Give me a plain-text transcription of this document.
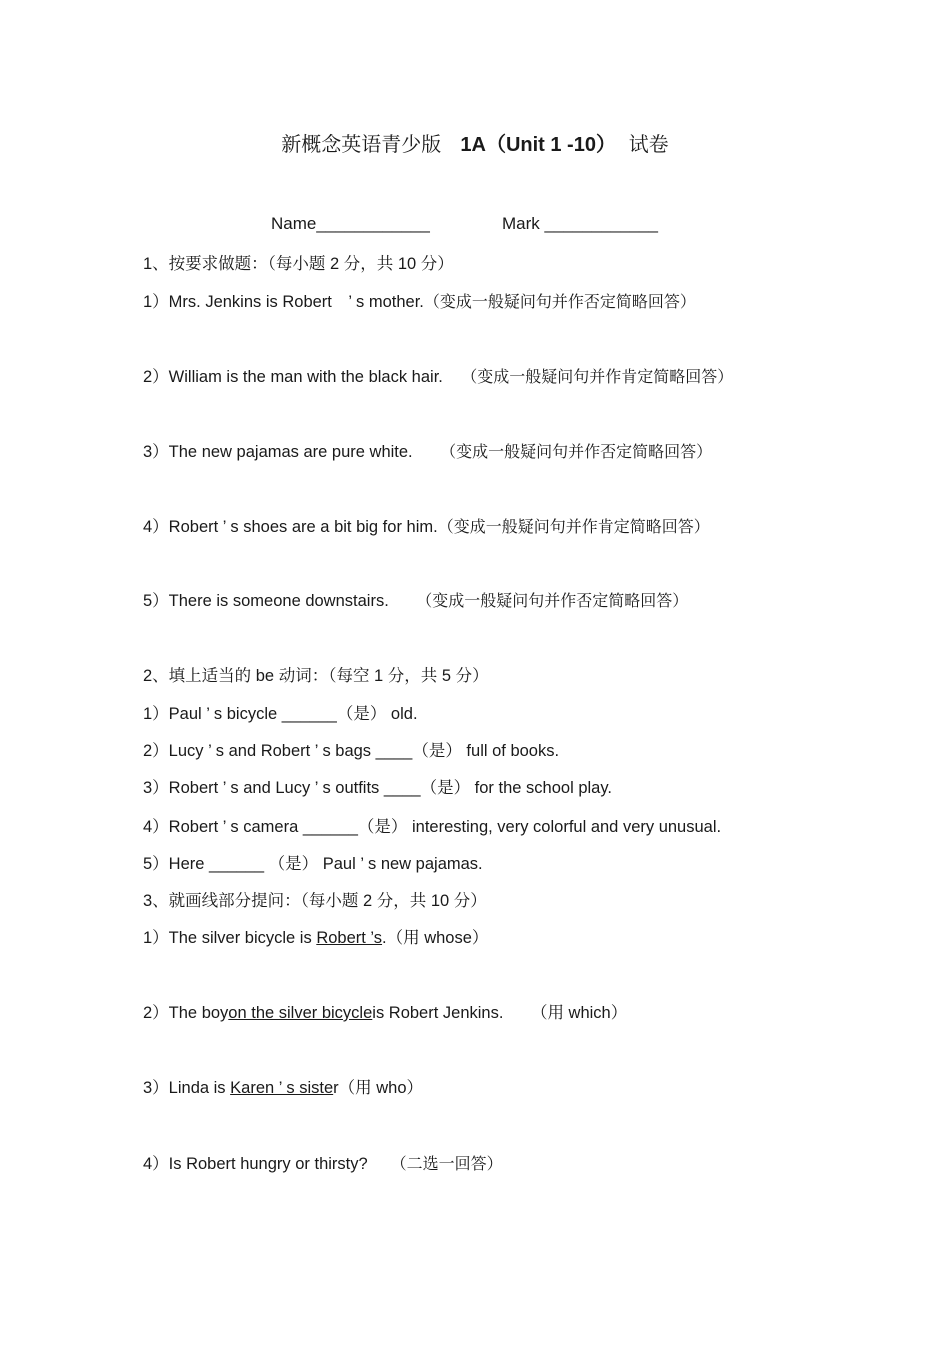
新概念英语青少版 1A（Unit 1 -10） 试卷
Name____________	Mark ____________
1、按要求做题：（每小题 2 分，共 10 分）
1）Mrs. Jenkins is Robert　’ s mother.（变成一般疑问句并作否定简略回答）
2）William is the man with the black hair. （变成一般疑问句并作肯定简略回答）
3）The new pajamas are pure white. （变成一般疑问句并作否定简略回答）
4）Robert ’ s shoes are a bit big for him.（变成一般疑问句并作肯定简略回答）
5）There is someone downstairs. （变成一般疑问句并作否定简略回答）
2、填上适当的 be 动词：（每空 1 分，共 5 分）
1）Paul ’ s bicycle ______（是） old.
2）Lucy ’ s and Robert ’ s bags ____（是） full of books.
3）Robert ’ s and Lucy ’ s outfits ____（是） for the school play.
4）Robert ’ s camera ______（是） interesting, very colorful and very unusual.
5）Here ______ （是） Paul ’ s new pajamas.
3、就画线部分提问：（每小题 2 分，共 10 分）
1）The silver bicycle is Robert ’s.（用 whose）
2）The boyon the silver bicycleis Robert Jenkins. （用 which）
3）Linda is Karen ’ s sister（用 who）
4）Is Robert hungry or thirsty? （二选一回答）
